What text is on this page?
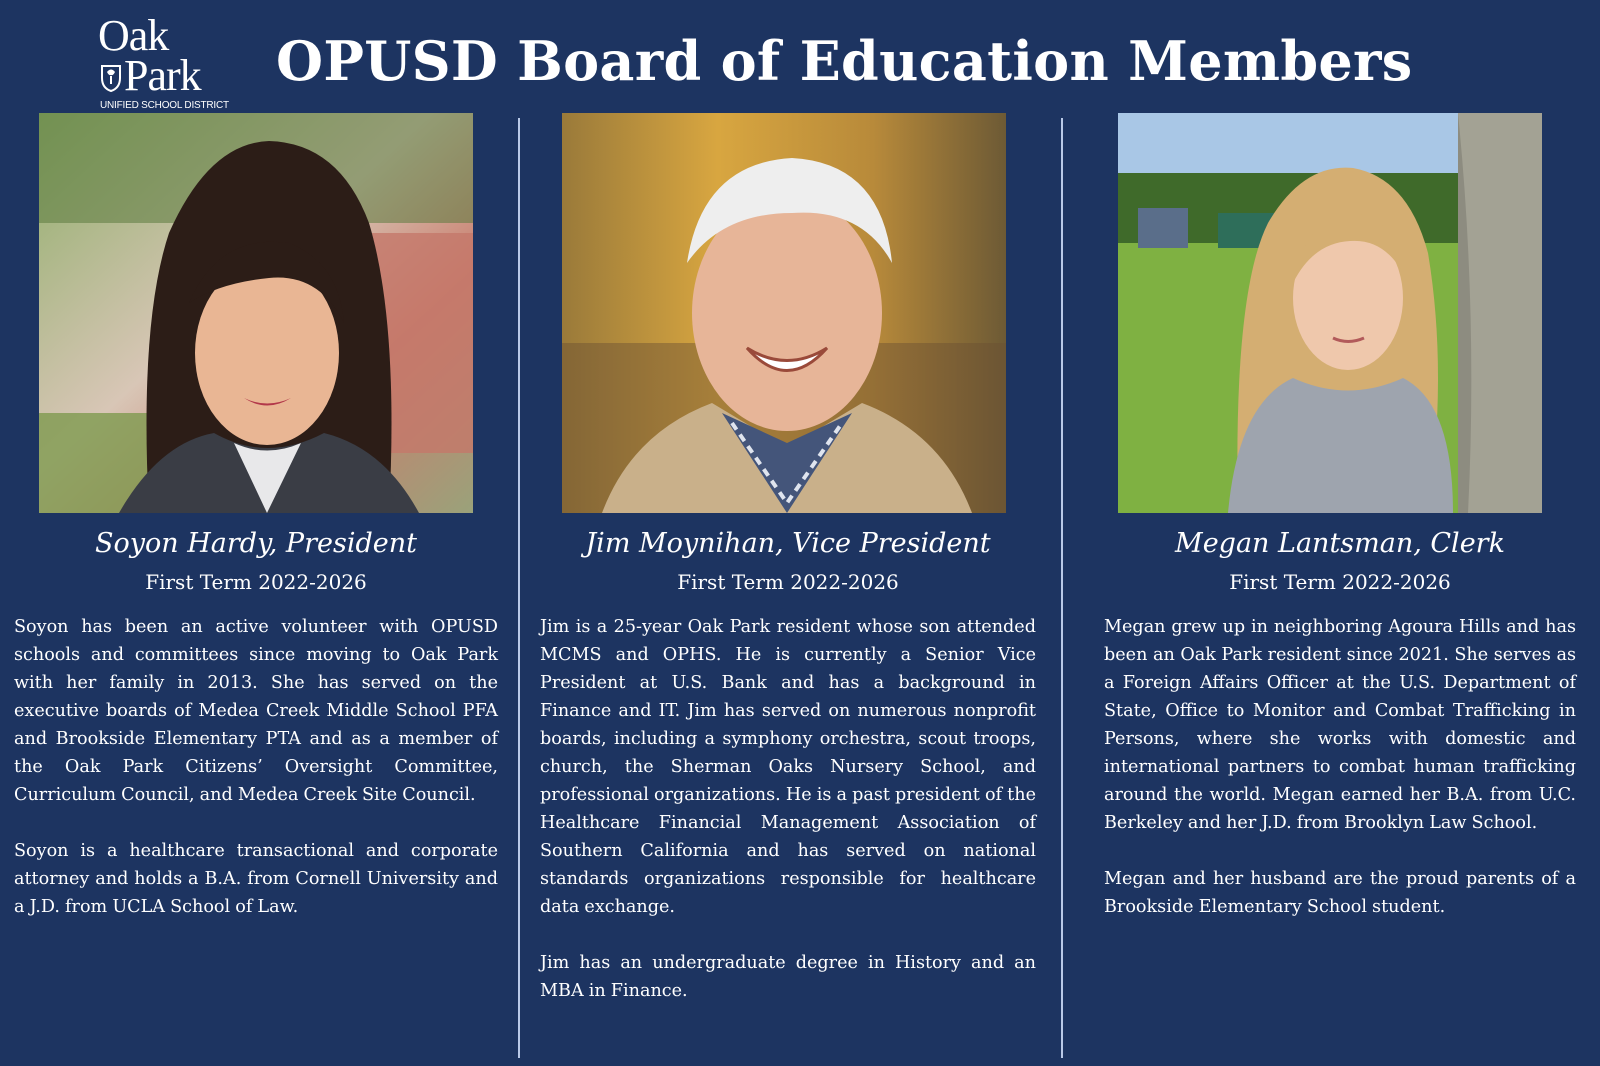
Oak
Park
UNIFIED SCHOOL DISTRICT
OPUSD Board of Education Members
Soyon Hardy, President
First Term 2022-2026

Soyon has been an active volunteer with OPUSD schools and committees since moving to Oak Park with her family in 2013. She has served on the executive boards of Medea Creek Middle School PFA and Brookside Elementary PTA and as a member of the Oak Park Citizens’ Oversight Committee, Curriculum Council, and Medea Creek Site Council.

Soyon is a healthcare transactional and corporate attorney and holds a B.A. from Cornell University and a J.D. from UCLA School of Law.

Jim Moynihan, Vice President
First Term 2022-2026

Jim is a 25-year Oak Park resident whose son attended MCMS and OPHS. He is currently a Senior Vice President at U.S. Bank and has a background in Finance and IT. Jim has served on numerous nonprofit boards, including a symphony orchestra, scout troops, church, the Sherman Oaks Nursery School, and professional organizations. He is a past president of the Healthcare Financial Management Association of Southern California and has served on national standards organizations responsible for healthcare data exchange.

Jim has an undergraduate degree in History and an MBA in Finance.

Megan Lantsman, Clerk
First Term 2022-2026

Megan grew up in neighboring Agoura Hills and has been an Oak Park resident since 2021. She serves as a Foreign Affairs Officer at the U.S. Department of State, Office to Monitor and Combat Trafficking in Persons, where she works with domestic and international partners to combat human trafficking around the world. Megan earned her B.A. from U.C. Berkeley and her J.D. from Brooklyn Law School.

Megan and her husband are the proud parents of a Brookside Elementary School student.
